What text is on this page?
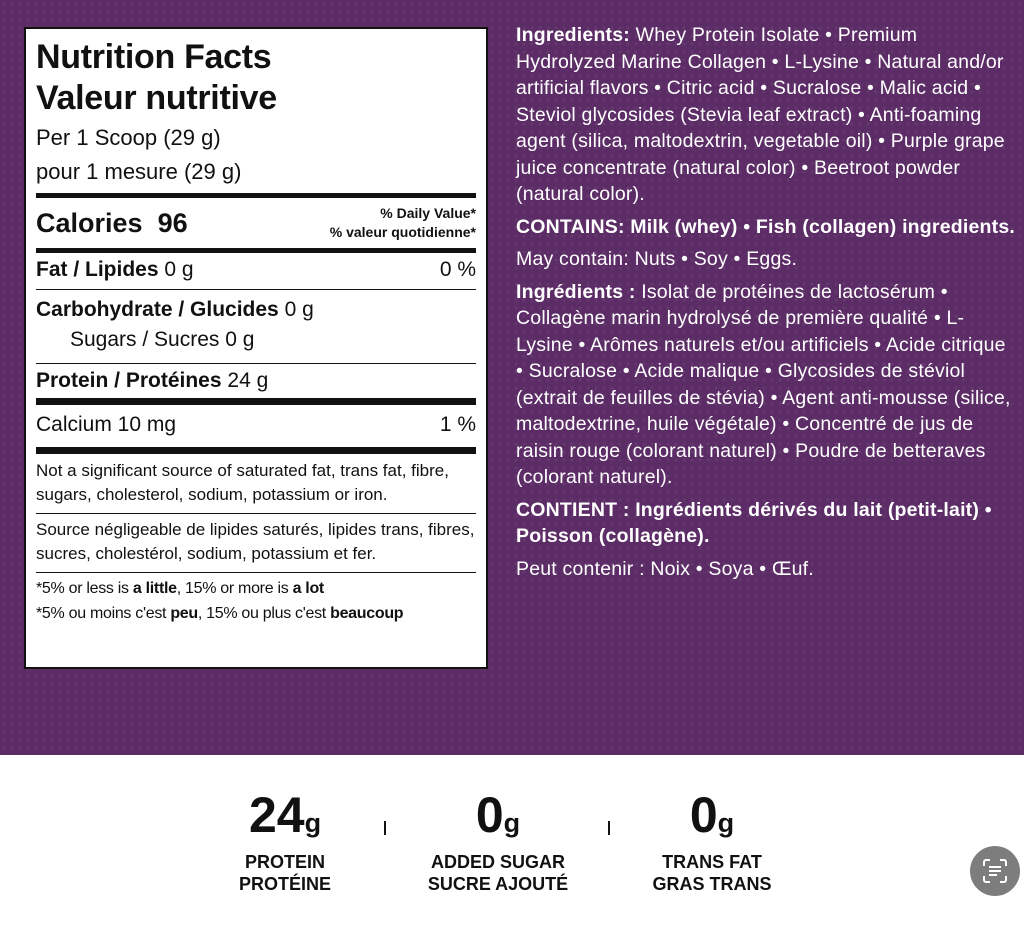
Nutrition Facts
Valeur nutritive
Per 1 Scoop (29 g)
pour 1 mesure (29 g)
Calories 96	% Daily Value*
% valeur quotidienne*
Fat / Lipides 0 g	0 %
Carbohydrate / Glucides 0 g
Sugars / Sucres 0 g
Protein / Protéines 24 g
Calcium 10 mg	1 %
Not a significant source of saturated fat, trans fat, fibre, sugars, cholesterol, sodium, potassium or iron.
Source négligeable de lipides saturés, lipides trans, fibres, sucres, cholestérol, sodium, potassium et fer.
*5% or less is a little, 15% or more is a lot
*5% ou moins c'est peu, 15% ou plus c'est beaucoup

Ingredients: Whey Protein Isolate • Premium Hydrolyzed Marine Collagen • L-Lysine • Natural and/or artificial flavors • Citric acid • Sucralose • Malic acid • Steviol glycosides (Stevia leaf extract) • Anti-foaming agent (silica, maltodextrin, vegetable oil) • Purple grape juice concentrate (natural color) • Beetroot powder (natural color).

CONTAINS: Milk (whey) • Fish (collagen) ingredients.

May contain: Nuts • Soy • Eggs.

Ingrédients : Isolat de protéines de lactosérum • Collagène marin hydrolysé de première qualité • L-Lysine • Arômes naturels et/ou artificiels • Acide citrique • Sucralose • Acide malique • Glycosides de stéviol (extrait de feuilles de stévia) • Agent anti-mousse (silice, maltodextrine, huile végétale) • Concentré de jus de raisin rouge (colorant naturel) • Poudre de betteraves (colorant naturel).

CONTIENT : Ingrédients dérivés du lait (petit-lait) • Poisson (collagène).

Peut contenir : Noix • Soya • Œuf.

24g
PROTEIN
PROTÉINE
0g
ADDED SUGAR
SUCRE AJOUTÉ
0g
TRANS FAT
GRAS TRANS
